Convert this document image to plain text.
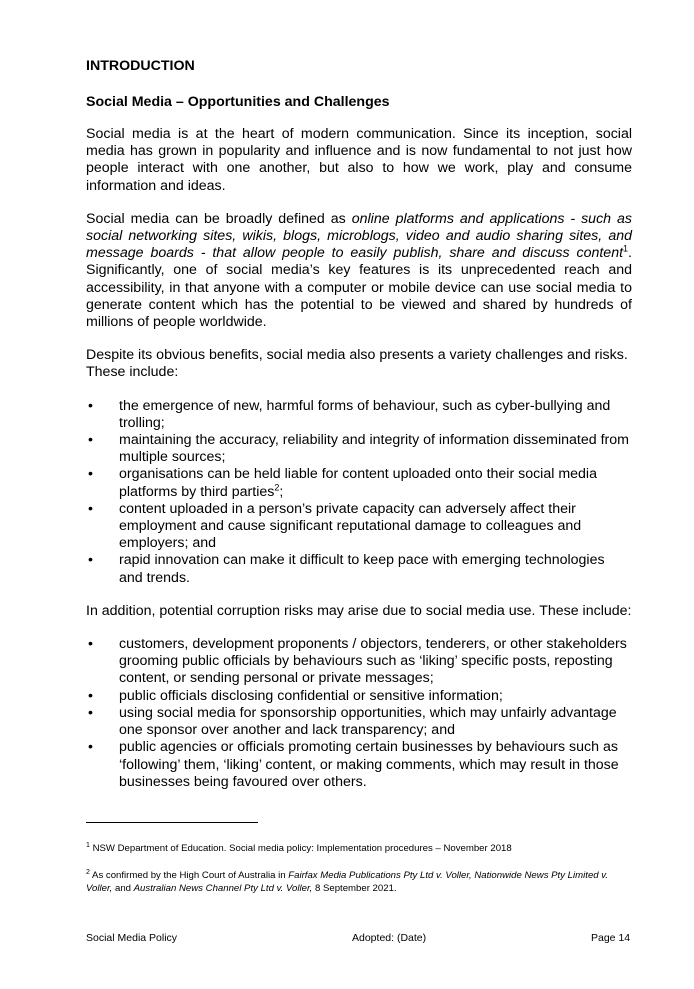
INTRODUCTION
Social Media – Opportunities and Challenges

Social media is at the heart of modern communication. Since its inception, social media has grown in popularity and influence and is now fundamental to not just how people interact with one another, but also to how we work, play and consume information and ideas.

Social media can be broadly defined as online platforms and applications - such as social networking sites, wikis, blogs, microblogs, video and audio sharing sites, and message boards - that allow people to easily publish, share and discuss content$^1$. Significantly, one of social media’s key features is its unprecedented reach and accessibility, in that anyone with a computer or mobile device can use social media to generate content which has the potential to be viewed and shared by hundreds of millions of people worldwide.

Despite its obvious benefits, social media also presents a variety challenges and risks. These include:

• the emergence of new, harmful forms of behaviour, such as cyber-bullying and trolling;
• maintaining the accuracy, reliability and integrity of information disseminated from multiple sources;
• organisations can be held liable for content uploaded onto their social media platforms by third parties$^2$;
• content uploaded in a person’s private capacity can adversely affect their employment and cause significant reputational damage to colleagues and employers; and
• rapid innovation can make it difficult to keep pace with emerging technologies and trends.

In addition, potential corruption risks may arise due to social media use. These include:

• customers, development proponents / objectors, tenderers, or other stakeholders grooming public officials by behaviours such as ‘liking’ specific posts, reposting content, or sending personal or private messages;
• public officials disclosing confidential or sensitive information;
• using social media for sponsorship opportunities, which may unfairly advantage one sponsor over another and lack transparency; and
• public agencies or officials promoting certain businesses by behaviours such as ‘following’ them, ‘liking’ content, or making comments, which may result in those businesses being favoured over others.
$^1$ NSW Department of Education. Social media policy: Implementation procedures – November 2018
$^2$ As confirmed by the High Court of Australia in Fairfax Media Publications Pty Ltd v. Voller, Nationwide News Pty Limited v. Voller, and Australian News Channel Pty Ltd v. Voller, 8 September 2021.
Social Media Policy	Adopted: (Date)	Page 14
